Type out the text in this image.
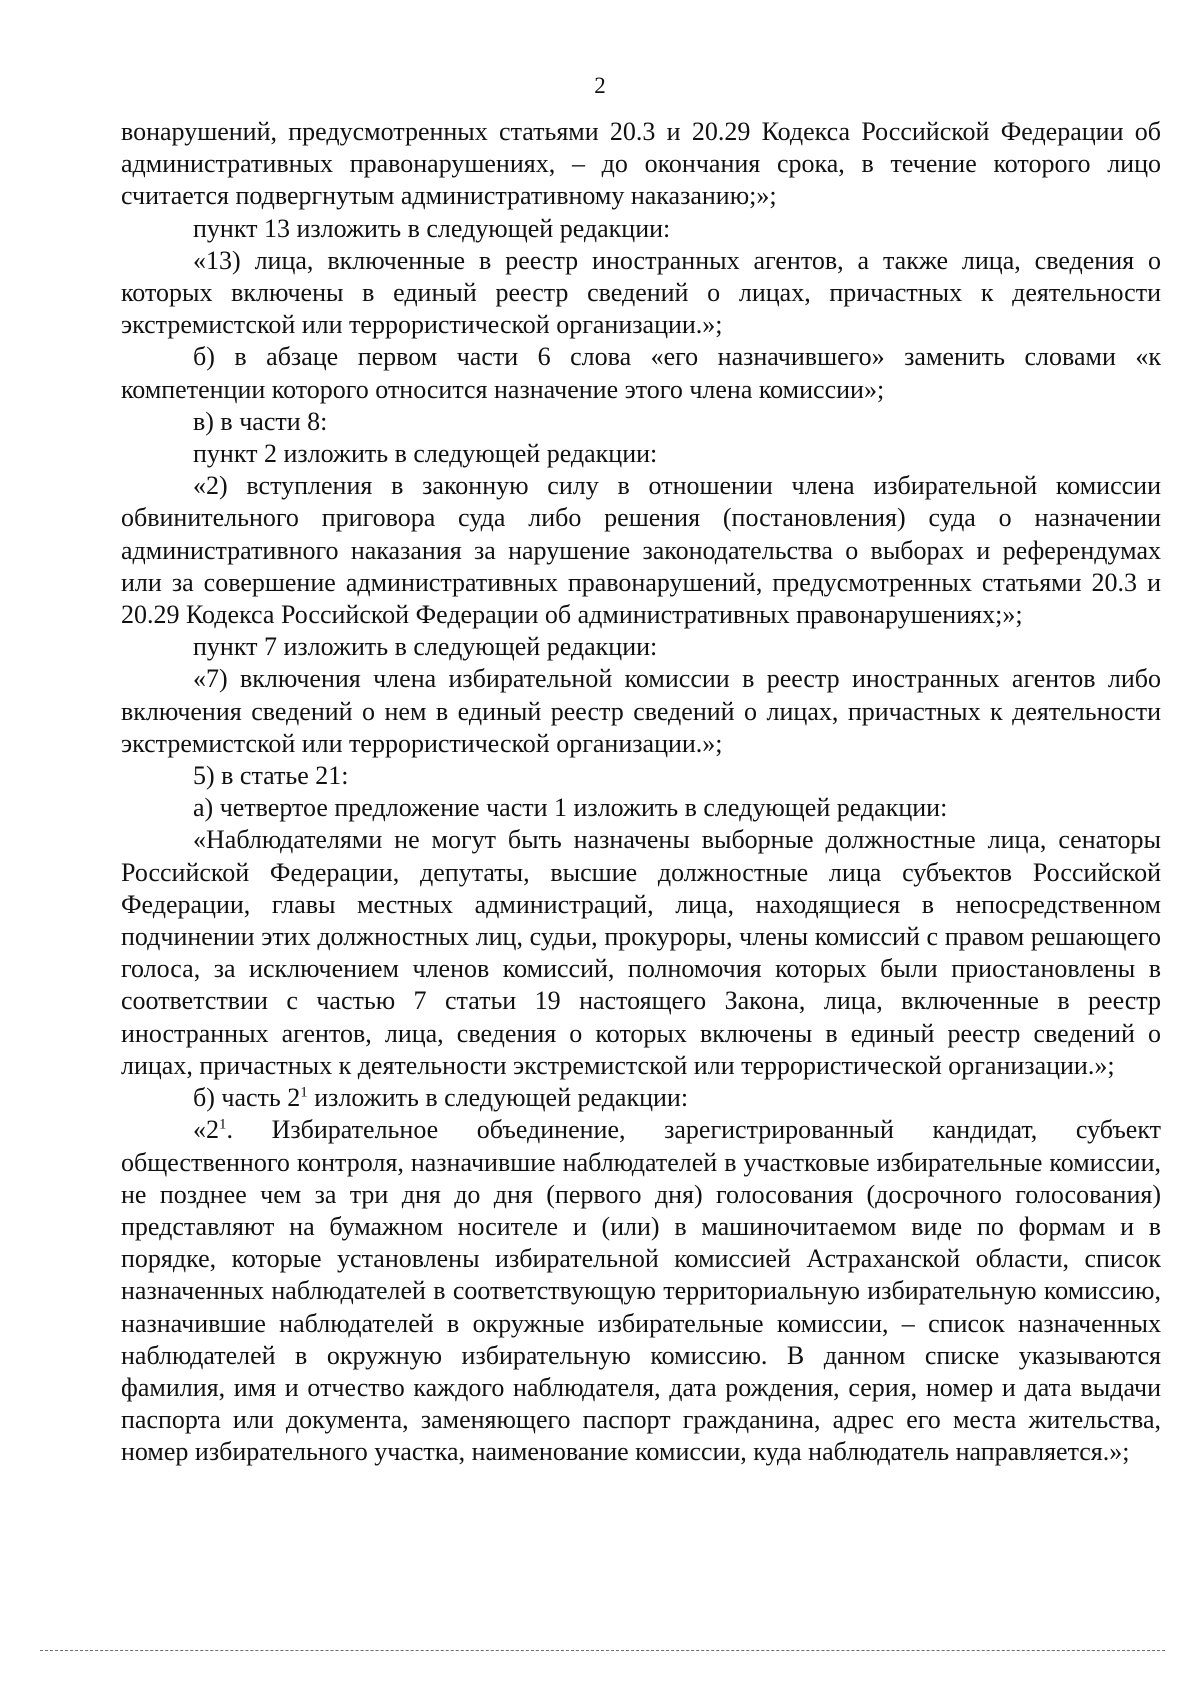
2

вонарушений, предусмотренных статьями 20.3 и 20.29 Кодекса Российской Федерации об административных правонарушениях, – до окончания срока, в течение которого лицо считается подвергнутым административному наказанию;»;

пункт 13 изложить в следующей редакции:

«13) лица, включенные в реестр иностранных агентов, а также лица, сведения о которых включены в единый реестр сведений о лицах, причастных к деятельности экстремистской или террористической организации.»;

б) в абзаце первом части 6 слова «его назначившего» заменить словами «к компетенции которого относится назначение этого члена комиссии»;

в) в части 8:

пункт 2 изложить в следующей редакции:

«2) вступления в законную силу в отношении члена избирательной комиссии обвинительного приговора суда либо решения (постановления) суда о назначении административного наказания за нарушение законодательства о выборах и референдумах или за совершение административных правонарушений, предусмотренных статьями 20.3 и 20.29 Кодекса Российской Федерации об административных правонарушениях;»;

пункт 7 изложить в следующей редакции:

«7) включения члена избирательной комиссии в реестр иностранных агентов либо включения сведений о нем в единый реестр сведений о лицах, причастных к деятельности экстремистской или террористической организации.»;

5) в статье 21:

а) четвертое предложение части 1 изложить в следующей редакции:

«Наблюдателями не могут быть назначены выборные должностные лица, сенаторы Российской Федерации, депутаты, высшие должностные лица субъектов Российской Федерации, главы местных администраций, лица, находящиеся в непосредственном подчинении этих должностных лиц, судьи, прокуроры, члены комиссий с правом решающего голоса, за исключением членов комиссий, полномочия которых были приостановлены в соответствии с частью 7 статьи 19 настоящего Закона, лица, включенные в реестр иностранных агентов, лица, сведения о которых включены в единый реестр сведений о лицах, причастных к деятельности экстремистской или террористической организации.»;

б) часть $2^1$ изложить в следующей редакции:

«$2^1$. Избирательное объединение, зарегистрированный кандидат, субъект общественного контроля, назначившие наблюдателей в участковые избирательные комиссии, не позднее чем за три дня до дня (первого дня) голосования (досрочного голосования) представляют на бумажном носителе и (или) в машиночитаемом виде по формам и в порядке, которые установлены избирательной комиссией Астраханской области, список назначенных наблюдателей в соответствующую территориальную избирательную комиссию, назначившие наблюдателей в окружные избирательные комиссии, – список назначенных наблюдателей в окружную избирательную комиссию. В данном списке указываются фамилия, имя и отчество каждого наблюдателя, дата рождения, серия, номер и дата выдачи паспорта или документа, заменяющего паспорт гражданина, адрес его места жительства, номер избирательного участка, наименование комиссии, куда наблюдатель направляется.»;
